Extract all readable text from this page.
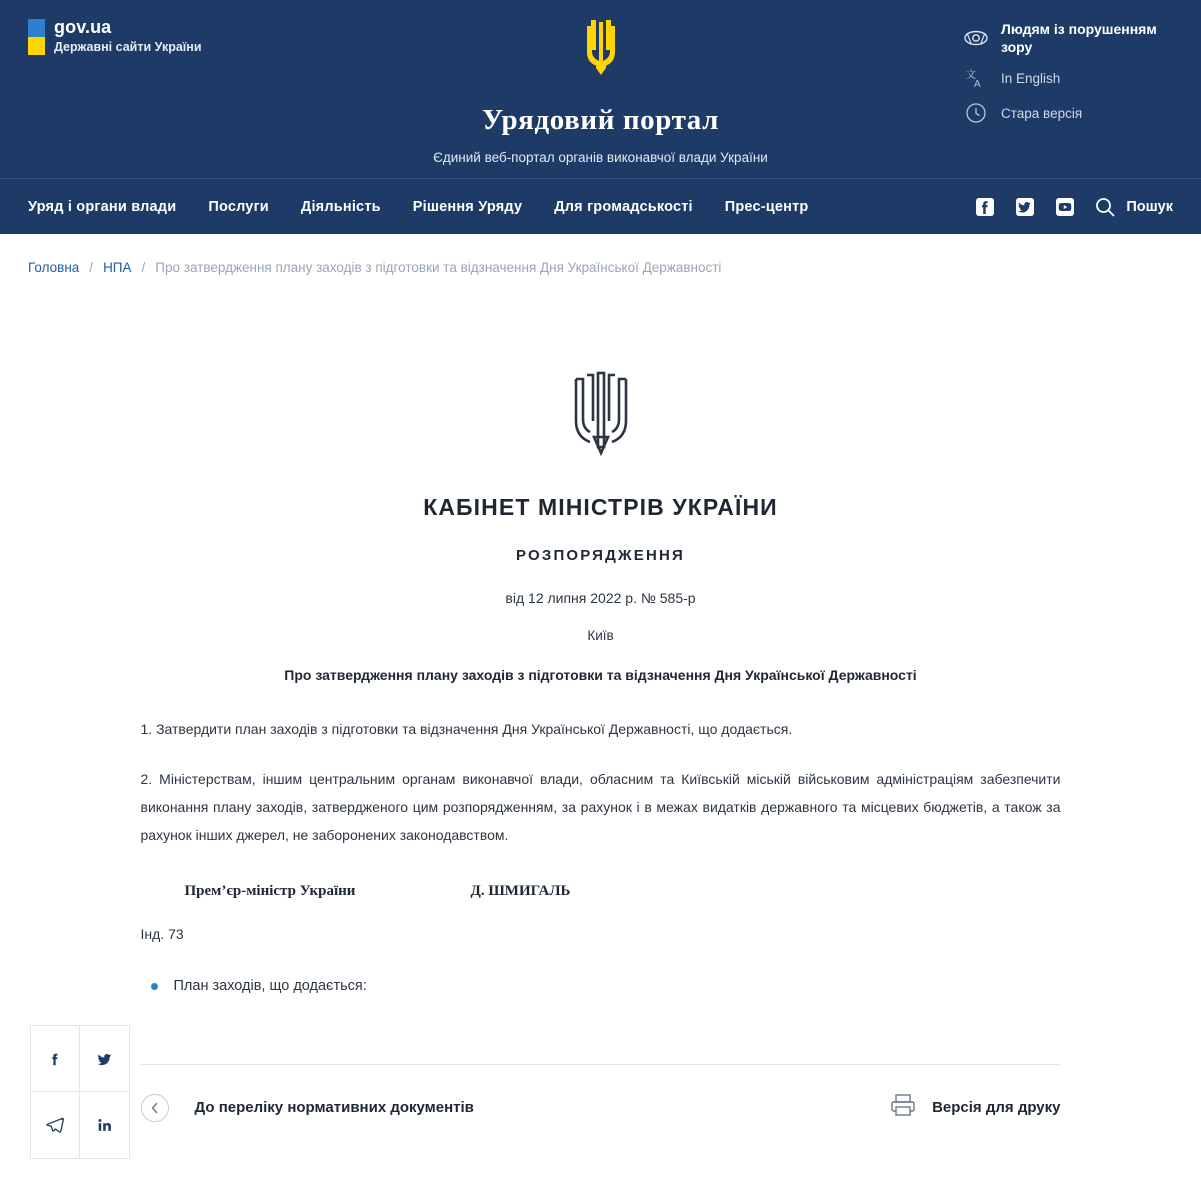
gov.ua
Державні сайти України
Урядовий портал
Єдиний веб-портал органів виконавчої влади України
Людям із порушенням зору
文
A In English
Стара версія
Уряд і органи влади Послуги Діяльність Рішення Уряду Для громадськості Прес-центр	Пошук
Головна / НПА / Про затвердження плану заходів з підготовки та відзначення Дня Української Державності
КАБІНЕТ МІНІСТРІВ УКРАЇНИ
РОЗПОРЯДЖЕННЯ
від 12 липня 2022 р. № 585-р
Київ
Про затвердження плану заходів з підготовки та відзначення Дня Української Державності

1. Затвердити план заходів з підготовки та відзначення Дня Української Державності, що додається.

2. Міністерствам, іншим центральним органам виконавчої влади, обласним та Київській міській військовим адміністраціям забезпечити виконання плану заходів, затвердженого цим розпорядженням, за рахунок і в межах видатків державного та місцевих бюджетів, а також за рахунок інших джерел, не заборонених законодавством.

Прем’єр-міністр України	Д. ШМИГАЛЬ
Інд. 73
План заходів, що додається:
До переліку нормативних документів	Версія для друку
